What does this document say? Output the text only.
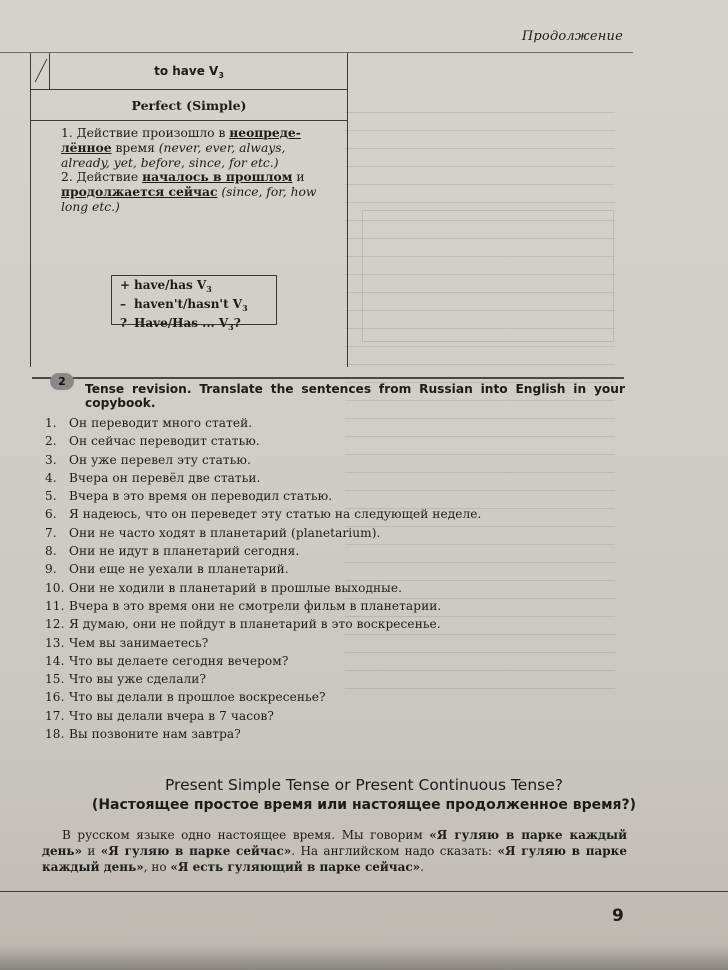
Продолжение
to have $V_3$
Perfect (Simple)
1. Действие произошло в неопреде-лённое время (never, ever, always, already, yet, before, since, for etc.)
2. Действие началось в прошлом и продолжается сейчас (since, for, how long etc.)
+ have/has $V_3$
– haven't/hasn't $V_3$
? Have/Has ... $V_3$?
2
Tense revision. Translate the sentences from Russian into English in your copybook.
1. Он переводит много статей.
2. Он сейчас переводит статью.
3. Он уже перевел эту статью.
4. Вчера он перевёл две статьи.
5. Вчера в это время он переводил статью.
6. Я надеюсь, что он переведет эту статью на следующей неделе.
7. Они не часто ходят в планетарий (planetarium).
8. Они не идут в планетарий сегодня.
9. Они еще не уехали в планетарий.
10. Они не ходили в планетарий в прошлые выходные.
11. Вчера в это время они не смотрели фильм в планетарии.
12. Я думаю, они не пойдут в планетарий в это воскресенье.
13. Чем вы занимаетесь?
14. Что вы делаете сегодня вечером?
15. Что вы уже сделали?
16. Что вы делали в прошлое воскресенье?
17. Что вы делали вчера в 7 часов?
18. Вы позвоните нам завтра?
Present Simple Tense or Present Continuous Tense?
(Настоящее простое время или настоящее продолженное время?)
В русском языке одно настоящее время. Мы говорим «Я гуляю в парке каждый день» и «Я гуляю в парке сейчас». На английском надо сказать: «Я гуляю в парке каждый день», но «Я есть гуляющий в парке сейчас».
9
